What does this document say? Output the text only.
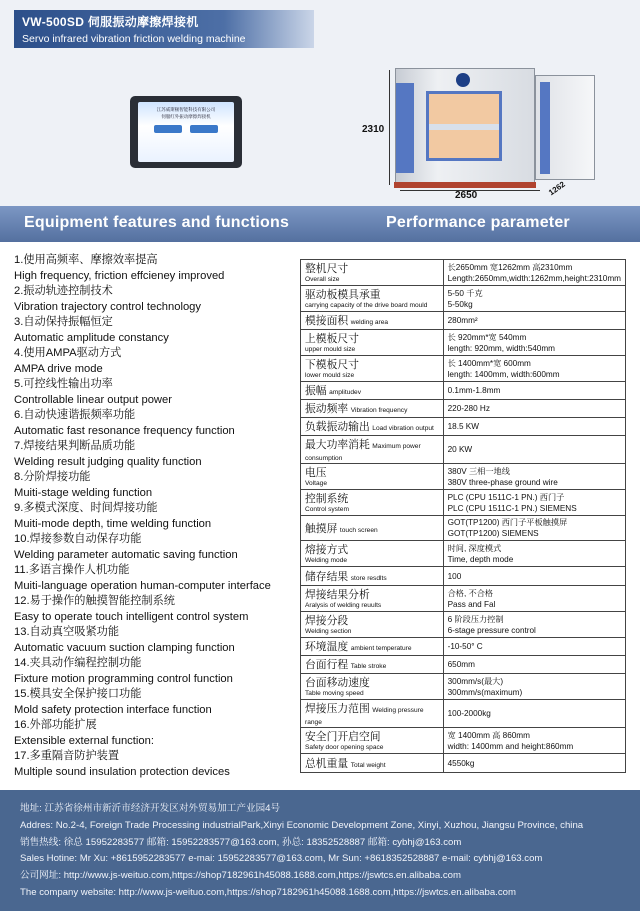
VW-500SD 伺服振动摩擦焊接机
Servo infrared vibration friction welding machine
江苏威斯顿智能科技有限公司
伺服红外振动摩擦焊接机

2310
2650	1262
Equipment features and functions	Performance parameter
1.使用高频率、摩擦效率提高
High frequency, friction effcieney improved
2.振动轨迹控制技术
Vibration trajectory control technology
3.自动保持振幅恒定
Automatic amplitude constancy
4.使用AMPA驱动方式
AMPA drive mode
5.可控线性输出功率
Controllable linear output power
6.自动快速谐振频率功能
Automatic fast resonance frequency function
7.焊接结果判断品质功能
Welding result judging quality function
8.分阶焊接功能
Muiti-stage welding function
9.多模式深度、时间焊接功能
Muiti-mode depth, time welding function
10.焊接参数自动保存功能
Welding parameter automatic saving function
11.多语言操作人机功能
Muiti-language operation human-computer interface
12.易于操作的触摸智能控制系统
Easy to operate touch intelligent control system
13.自动真空吸紧功能
Automatic vacuum suction clamping function
14.夹具动作编程控制功能
Fixture motion programming control function
15.模具安全保护接口功能
Mold safety protection interface function
16.外部功能扩展
Extensible external function:
17.多重隔音防护装置
Multiple sound insulation protection devices
整机尺寸
Overall size	长2650mm 宽1262mm 高2310mm
Length:2650mm,width:1262mm,height:2310mm

驱动板模具承重
carrying capacity of the drive board mould	5-50 千克
5-50kg

模接面积 welding area	280mm²

上模板尺寸
upper mould size	长 920mm*宽 540mm
length: 920mm, width:540mm

下模板尺寸
lower mould size	长 1400mm*宽 600mm
length: 1400mm, width:600mm

振幅 amplitudev	0.1mm-1.8mm

振动频率 Vibration frequency	220-280 Hz

负载振动输出 Load vibration output	18.5 KW

最大功率消耗 Maximum power consumption	20 KW

电压
Voltage	380V 三相一地线
380V three-phase ground wire

控制系统
Control system	PLC (CPU 1511C-1 PN.) 西门子
PLC (CPU 1511C-1 PN.) SIEMENS

触摸屏 touch screen	GOT(TP1200) 西门子平板触摸屏
GOT(TP1200) SIEMENS

熔接方式
Welding mode	时间, 深度模式
Time, depth mode

储存结果 store resdlts	100

焊接结果分析
Aralysis of welding reuults	合格, 不合格
Pass and Fal

焊接分段
Welding section	6 阶段压力控制
6-stage pressure control

环境温度 ambient temperature	-10-50° C

台面行程 Table stroke	650mm

台面移动速度
Table moving speed	300mm/s(最大)
300mm/s(maximum)

焊接压力范围 Welding pressure range	100-2000kg

安全门开启空间
Safety door opening space	宽 1400mm 高 860mm
width: 1400mm and height:860mm

总机重量 Total weight	4550kg
地址: 江苏省徐州市新沂市经济开发区对外贸易加工产业园4号
Addres: No.2-4, Foreign Trade Processing industrialPark,Xinyi Economic Development Zone, Xinyi, Xuzhou, Jiangsu Province, china
销售热线: 徐总 15952283577 邮箱: 15952283577@163.com, 孙总: 18352528887 邮箱: cybhj@163.com
Sales Hotine: Mr Xu: +8615952283577 e-mai: 15952283577@163.com, Mr Sun: +8618352528887 e-mail: cybhj@163.com
公司网址: http://www.js-weituo.com,https://shop7182961h45088.1688.com,https://jswtcs.en.alibaba.com
The company website: http://www.js-weituo.com,https://shop7182961h45088.1688.com,https://jswtcs.en.alibaba.com
